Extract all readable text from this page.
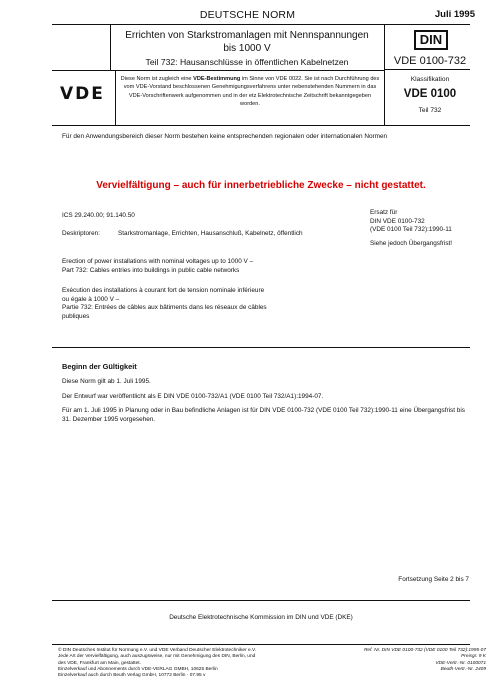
DEUTSCHE NORM	Juli 1995
Errichten von Starkstromanlagen mit Nennspannungen
bis 1000 V
Teil 732: Hausanschlüsse in öffentlichen Kabelnetzen
DIN
VDE 0100-732
VDE
Diese Norm ist zugleich eine VDE-Bestimmung im Sinne von VDE 0022. Sie ist nach Durchführung des vom VDE-Vorstand beschlossenen Genehmigungsverfahrens unter nebenstehenden Nummern in das VDE-Vorschriftenwerk aufgenommen und in der etz Elektrotechnische Zeitschrift bekanntgegeben worden.
Klassifikation
VDE 0100
Teil 732
Für den Anwendungsbereich dieser Norm bestehen keine entsprechenden regionalen oder internationalen Normen
Vervielfältigung – auch für innerbetriebliche Zwecke – nicht gestattet.
ICS 29.240.00; 91.140.50
Deskriptoren:	Starkstromanlage, Errichten, Hausanschluß, Kabelnetz, öffentlich
Ersatz für
DIN VDE 0100-732
(VDE 0100 Teil 732):1990-11
Siehe jedoch Übergangsfrist!
Erection of power installations with nominal voltages up to 1000 V –
Part 732: Cables entries into buildings in public cable networks
Exécution des installations à courant fort de tension nominale inférieure
ou égale à 1000 V –
Partie 732: Entrées de câbles aux bâtiments dans les réseaux de câbles
publiques
Beginn der Gültigkeit
Diese Norm gilt ab 1. Juli 1995.
Der Entwurf war veröffentlicht als E DIN VDE 0100-732/A1 (VDE 0100 Teil 732/A1):1994-07.
Für am 1. Juli 1995 in Planung oder in Bau befindliche Anlagen ist für DIN VDE 0100-732 (VDE 0100 Teil 732):1990-11 eine Übergangsfrist bis 31. Dezember 1995 vorgesehen.
Fortsetzung Seite 2 bis 7
Deutsche Elektrotechnische Kommission im DIN und VDE (DKE)
© DIN Deutsches Institut für Normung e.V. und VDE Verband Deutscher Elektrotechniker e.V.
Jede Art der Vervielfältigung, auch auszugsweise, nur mit Genehmigung des DIN, Berlin, und
des VDE, Frankfurt am Main, gestattet.
Einzelverkauf und Abonnements durch VDE-VERLAG GMBH, 10625 Berlin
Einzelverkauf auch durch Beuth Verlag GmbH, 10772 Berlin · 07.95 v
Ref. Nr. DIN VDE 0100-732 (VDE 0100 Teil 732):1995-07
Preisgr. 9 K
VDE-Vertr.-Nr. 0100071
Beuth-Vertr.-Nr. 2409
